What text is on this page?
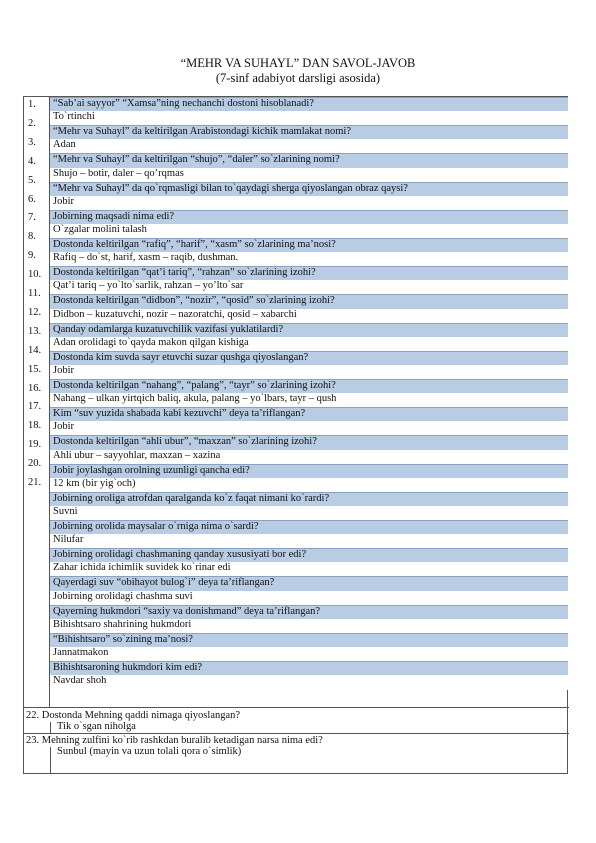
“MEHR VA SUHAYL” DAN SAVOL-JAVOB
(7-sinf adabiyot darsligi asosida)
1.
2.
3.
4.
5.
6.
7.
8.
9.
10.
11.
12.
13.
14.
15.
16.
17.
18.
19.
20.
21.
“Sab’ai sayyor” “Xamsa”ning nechanchi dostoni hisoblanadi?
To`rtinchi
“Mehr va Suhayl” da keltirilgan Arabistondagi kichik mamlakat nomi?
Adan
“Mehr va Suhayl” da keltirilgan “shujo”, “daler” so`zlarining nomi?
Shujo – botir, daler – qo’rqmas
“Mehr va Suhayl” da qo`rqmasligi bilan to`qaydagi sherga qiyoslangan obraz qaysi?
Jobir
Jobirning maqsadi nima edi?
O`zgalar molini talash
Dostonda keltirilgan “rafiq”, “harif”, “xasm” so`zlarining ma’nosi?
Rafiq – do`st, harif, xasm – raqib, dushman.
Dostonda keltirilgan “qat’i tariq”, “rahzan” so`zlarining izohi?
Qat’i tariq – yo`lto`sarlik, rahzan – yo’lto`sar
Dostonda keltirilgan “didbon”, “nozir”, “qosid” so`zlarining izohi?
Didbon – kuzatuvchi, nozir – nazoratchi, qosid – xabarchi
Qanday odamlarga kuzatuvchilik vazifasi yuklatilardi?
Adan orolidagi to`qayda makon qilgan kishiga
Dostonda kim suvda sayr etuvchi suzar qushga qiyoslangan?
Jobir
Dostonda keltirilgan “nahang”, “palang”, “tayr” so`zlarining izohi?
Nahang – ulkan yirtqich baliq, akula, palang – yo`lbars, tayr – qush
Kim “suv yuzida shabada kabi kezuvchi” deya ta’riflangan?
Jobir
Dostonda keltirilgan “ahli ubur”, “maxzan” so`zlarining izohi?
Ahli ubur – sayyohlar, maxzan – xazina
Jobir joylashgan orolning uzunligi qancha edi?
12 km (bir yig`och)
Jobirning oroliga atrofdan qaralganda ko`z faqat nimani ko`rardi?
Suvni
Jobirning orolida maysalar o`rniga nima o`sardi?
Nilufar
Jobirning orolidagi chashmaning qanday xususiyati bor edi?
Zahar ichida ichimlik suvidek ko`rinar edi
Qayerdagi suv “obihayot bulog`i” deya ta’riflangan?
Jobirning orolidagi chashma suvi
Qayerning hukmdori “saxiy va donishmand” deya ta’riflangan?
Bihishtsaro shahrining hukmdori
“Bihishtsaro” so`zining ma’nosi?
Jannatmakon
Bihishtsaroning hukmdori kim edi?
Navdar shoh
22. Dostonda Mehning qaddi nimaga qiyoslangan?
Tik o`sgan niholga
23. Mehning zulfini ko`rib rashkdan buralib ketadigan narsa nima edi?
Sunbul (mayin va uzun tolali qora o`simlik)
